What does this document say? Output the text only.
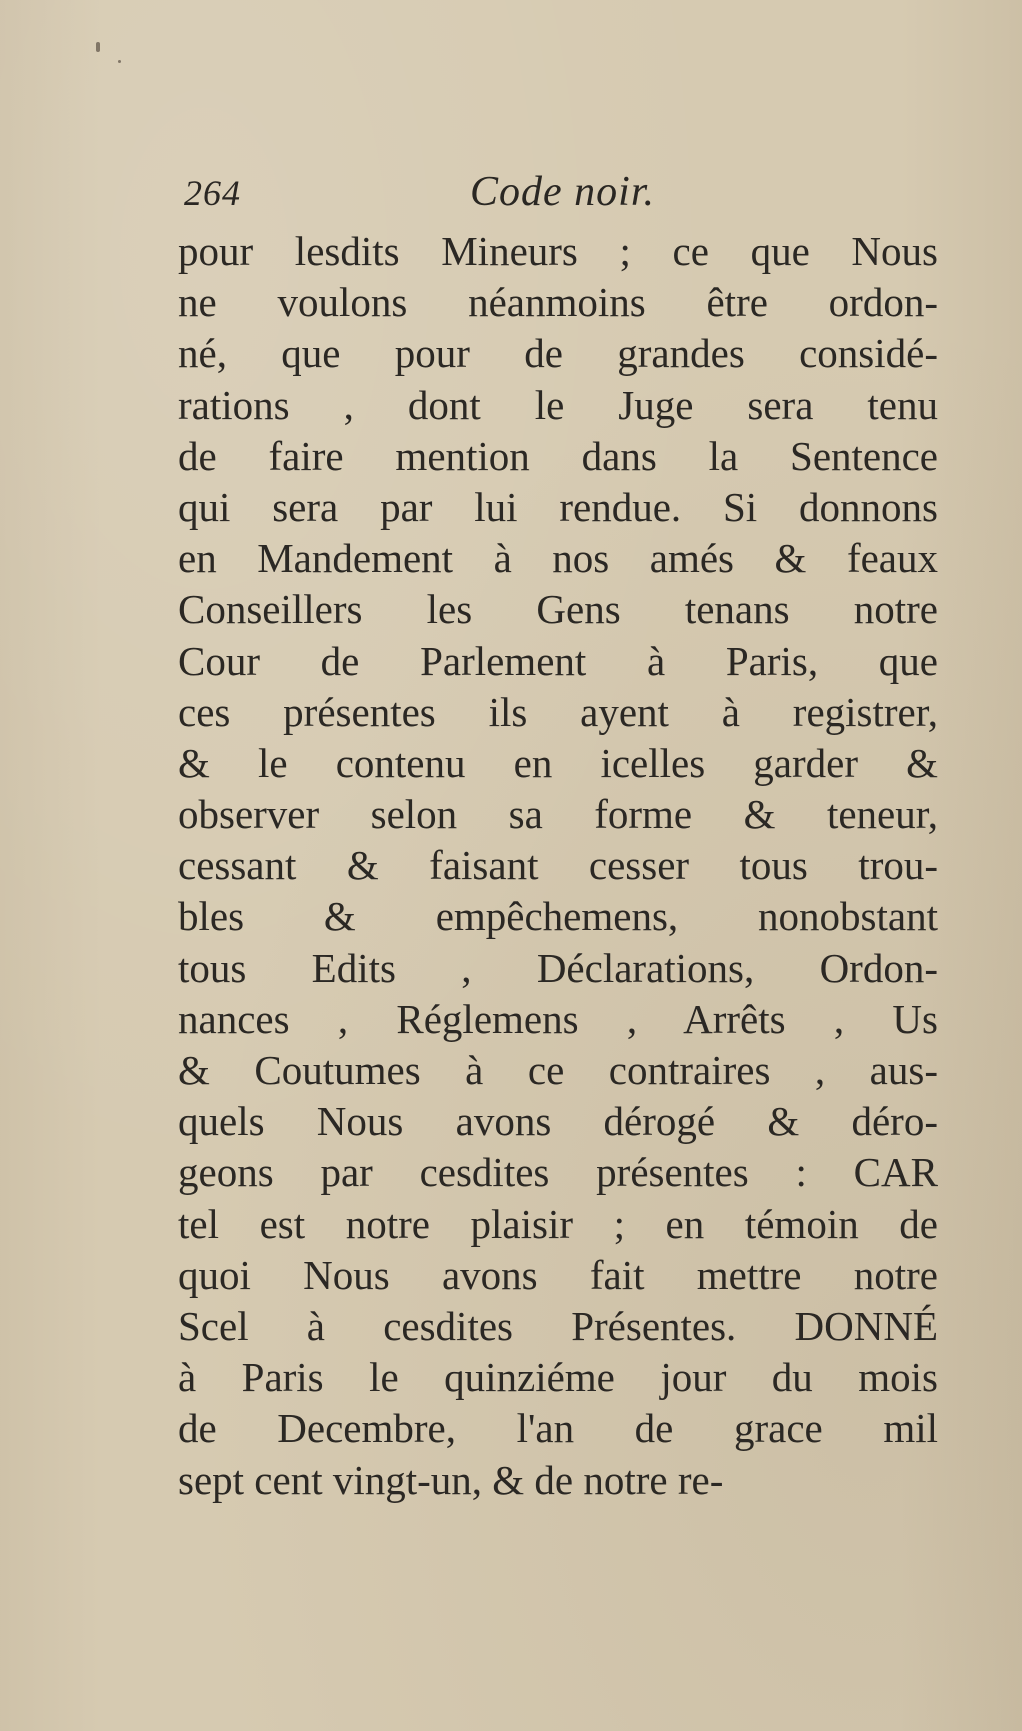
264	Code noir.
pour lesdits Mineurs ; ce que Nous
ne voulons néanmoins être ordon-
né, que pour de grandes considé-
rations , dont le Juge sera tenu
de faire mention dans la Sentence
qui sera par lui rendue. Si donnons
en Mandement à nos amés & feaux
Conseillers les Gens tenans notre
Cour de Parlement à Paris, que
ces présentes ils ayent à registrer,
& le contenu en icelles garder &
observer selon sa forme & teneur,
cessant & faisant cesser tous trou-
bles & empêchemens, nonobstant
tous Edits , Déclarations, Ordon-
nances , Réglemens , Arrêts , Us
& Coutumes à ce contraires , aus-
quels Nous avons dérogé & déro-
geons par cesdites présentes : CAR
tel est notre plaisir ; en témoin de
quoi Nous avons fait mettre notre
Scel à cesdites Présentes. DONNÉ
à Paris le quinziéme jour du mois
de Decembre, l'an de grace mil
sept cent vingt-un, & de notre re-
